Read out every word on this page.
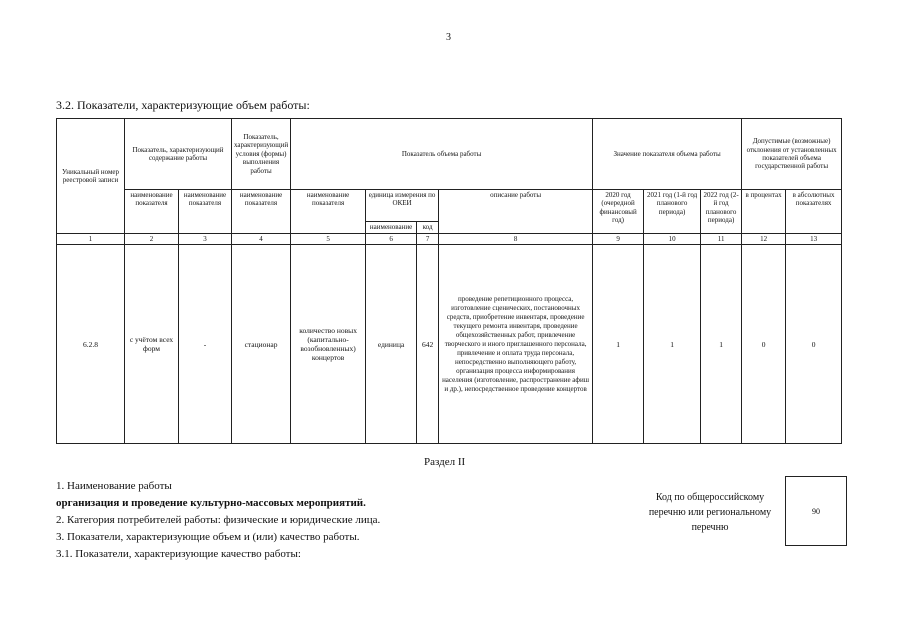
3
3.2. Показатели, характеризующие объем работы:
Уникальный номер реестровой записи	Показатель, характеризующий содержание работы		Показатель, характеризующий условия (формы) выполнения работы	Показатель объема работы				Значение показателя объема работы			Допустимые (возможные) отклонения от установленных показателей объема государственной работы	
	наименование показателя	наименование показателя	наименование показателя	наименование показателя	единица измерения по ОКЕИ		описание работы	2020 год (очередной финансовый год)	2021 год (1-й год планового периода)	2022 год (2-й год планового периода)	в процентах	в абсолютных показателях
					наименование	код						
1	2	3	4	5	6	7	8	9	10	11	12	13
6.2.8	с учётом всех форм	-	стационар	количество новых (капитально-возобновленных) концертов	единица	642	проведение репетиционного процесса, изготовление сценических, постановочных средств, приобретение инвентаря, проведение текущего ремонта инвентаря, проведение общехозяйственных работ, привлечение творческого и иного приглашенного персонала, привлечение и оплата труда персонала, непосредственно выполняющего работу, организация процесса информирования населения (изготовление, распространение афиш и др.), непосредственное проведение концертов	1	1	1	0	0
Раздел II
1. Наименование работы
организация и проведение культурно-массовых мероприятий.
2. Категория потребителей работы: физические и юридические лица.
3. Показатели, характеризующие объем и (или) качество работы.
3.1. Показатели, характеризующие качество работы:
Код по общероссийскому перечню или региональному перечню
90
